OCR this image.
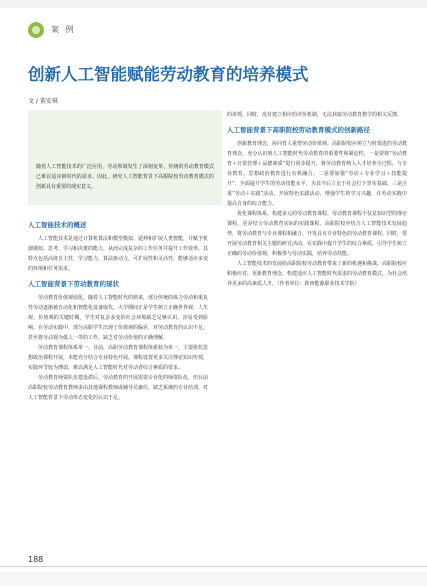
案 例
创新人工智能赋能劳动教育的培养模式
文 / 董安琪

随着人工智能技术的广泛应用，劳动领域发生了深刻变革，传统的劳动教育模式已难以适应新时代的需求。因此，研究人工智能背景下高职院校劳动教育模式的创新具有重要的现实意义。

人工智能技术的概述

人工智能技术是通过计算机算法和模型模拟、延伸和扩展人类智能，并赋予机器感知、思考、学习和决策的能力，从而完成复杂的工作任务并提升工作效率。其特点包括高度自主性、学习能力、算法驱动力，可扩展性和灵活性，能够适应多变的环境和任务需求。

人工智能背景下劳动教育的现状

劳动教育价值观弱化。随着人工智能时代的到来，部分传统的体力劳动和重复性劳动逐渐被自动化和智能化设备取代。大学期间正是学生树立正确世界观、人生观、价值观的关键时期。学生对复杂多变的社会环境缺乏足够认识，容易受到影响。在劳动实践中，部分高职学生出现了价值观的偏差，对劳动教育的认识不足，甚至将劳动视为低人一等的工作，缺乏对劳动价值的正确理解。

劳动教育课程体系单一。目前，高职劳动教育课程体系较为单一，主要依托思想政治课程开展，未能充分结合专业特色开展。课程设置更多关注理论知识传授，实践环节较为薄弱，难以满足人工智能时代对劳动者综合素质的要求。

劳动教育师资队伍建设滞后。劳动教育的开展需要专业化的师资队伍，但目前高职院校劳动教育教师多由其他课程教师或辅导员兼任，缺乏系统的专业培训，对人工智能背景下劳动形态变化的认识不足。

的讲授，同时，没有建立相应的评价机制，无法获取劳动教育教学的相关反馈。

人工智能背景下高职院校劳动教育模式的创新路径

创新教育理念，协同育人重塑劳动价值观。高职院校应树立与时俱进的劳动教育理念，充分认识到人工智能时代劳动教育的重要性和紧迫性，一是要将“劳动教育＋日常管理＋品德素质”进行同步提升，将劳动教育纳入人才培养全过程，与专业教育、思想政治教育进行有机融合。二是要加强“劳动＋专业学习＋技能提升”，全面提升学生的劳动技能水平，为其今后立足于社会打下坚实基础。三是注重“劳动＋实践”活动，开展特色实践活动，增强学生的学习兴趣，在劳动实践中提高自身的综合能力。

优化课程体系，构建多元的劳动教育课程。劳动教育课程不仅是知识型的理论课程，更是结合劳动教育实际的实践课程。高职院校应结合人工智能技术发展趋势，将劳动教育与专业课程相融合，开发具有专业特色的劳动教育课程。同时，要开展劳动教育相关主题的研讨活动，在实践中提升学生的综合素质，引导学生树立正确的劳动价值观，积极参与劳动实践，培养劳动技能。

人工智能技术的发展给高职院校劳动教育带来了新的机遇和挑战。高职院校应积极应对，更新教育理念，构建适应人工智能时代需求的劳动教育模式，为社会培养更多的高素质人才。（作者单位：陕西能源职业技术学院）

188
